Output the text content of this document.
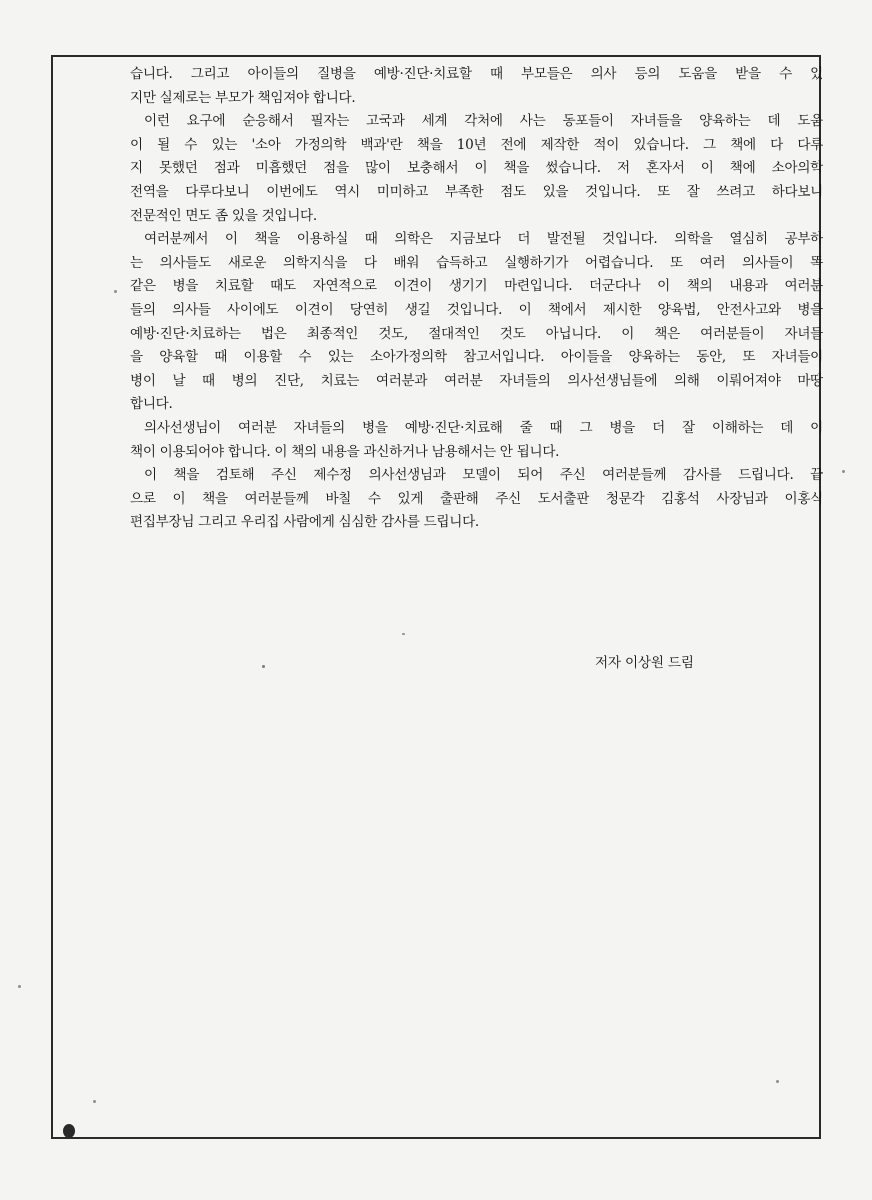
습니다. 그리고 아이들의 질병을 예방·진단·치료할 때 부모들은 의사 등의 도움을 받을 수 있
지만 실제로는 부모가 책임져야 합니다.
이런 요구에 순응해서 필자는 고국과 세계 각처에 사는 동포들이 자녀들을 양육하는 데 도움
이 될 수 있는 '소아 가정의학 백과'란 책을 10년 전에 제작한 적이 있습니다. 그 책에 다 다루
지 못했던 점과 미흡했던 점을 많이 보충해서 이 책을 썼습니다. 저 혼자서 이 책에 소아의학
전역을 다루다보니 이번에도 역시 미미하고 부족한 점도 있을 것입니다. 또 잘 쓰려고 하다보니
전문적인 면도 좀 있을 것입니다.
여러분께서 이 책을 이용하실 때 의학은 지금보다 더 발전될 것입니다. 의학을 열심히 공부하
는 의사들도 새로운 의학지식을 다 배워 습득하고 실행하기가 어렵습니다. 또 여러 의사들이 똑
같은 병을 치료할 때도 자연적으로 이견이 생기기 마련입니다. 더군다나 이 책의 내용과 여러분
들의 의사들 사이에도 이견이 당연히 생길 것입니다. 이 책에서 제시한 양육법, 안전사고와 병을
예방·진단·치료하는 법은 최종적인 것도, 절대적인 것도 아닙니다. 이 책은 여러분들이 자녀들
을 양육할 때 이용할 수 있는 소아가정의학 참고서입니다. 아이들을 양육하는 동안, 또 자녀들이
병이 날 때 병의 진단, 치료는 여러분과 여러분 자녀들의 의사선생님들에 의해 이뤄어져야 마땅
합니다.
의사선생님이 여러분 자녀들의 병을 예방·진단·치료해 줄 때 그 병을 더 잘 이해하는 데 이
책이 이용되어야 합니다. 이 책의 내용을 과신하거나 남용해서는 안 됩니다.
이 책을 검토해 주신 제수정 의사선생님과 모델이 되어 주신 여러분들께 감사를 드립니다. 끝
으로 이 책을 여러분들께 바칠 수 있게 출판해 주신 도서출판 청문각 김홍석 사장님과 이홍식
편집부장님 그리고 우리집 사람에게 심심한 감사를 드립니다.
저자 이상원 드림
